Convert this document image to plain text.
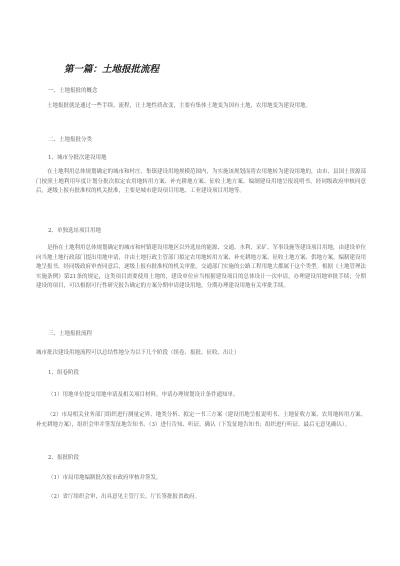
第一篇：土地报批流程
一、土地报批的概念
土地报批就是通过一些手续、流程，让土地性质改变，主要有集体土地变为国有土地，农用地变为建设用地。
二、土地报批分类
1、城市分批次建设用地
在土地利用总体规划确定的城市和村庄、集镇建设用地规模范围内，为实施该规划而将农用地转为建设用地的，由市、县国土资源部门按照土地利用年度计划分批次拟定农用地转用方案、补充耕地方案、征收土地方案、编制建设用地呈报说明书，经同级政府审核同意后，逐级上报有批准权的机关批准，主要是城市建设项目用地、工业建设项目用地等。
2、单独选址项目用地
是指在土地利用总体规划确定的城市和村镇建设用地区以外选址的能源、交通、水利、采矿、军事设施等建设项目用地，由建设单位向当地土地行政部门提出用地申请，并由土地行政主管部门拟定农用地转用方案、补充耕地方案、征收土地方案、供地方案，编制建设用地呈报书，经同级政府审查同意后，逐级上报有批准权的机关审批。交通部门实施的公路工程用地大都属于这个类型。根据《土地管理法实施条例》第21条的规定，这类项目需要使用土地的，建设单位应当根据建设项目的总体设计一次申请，办理建设用地审批手续；分期建设的项目，可以根据可行性研究报告确定的方案分期申请建设用地，分期办理建设用地有关审批手续。
三、土地报批流程
城市批次建设用地流程可以总结性地分为以下几个阶段（组卷、报批、征收、出让）
1、组卷阶段
（1）用地单位提交用地申请及相关项目材料，申请办理规划设计条件通知单。
（2）市局相关业务部门组织进行测量定界、地类分析、拟定一书三方案（建设用地呈报说明书、土地征收方案、农用地转用方案、补充耕地方案），组织会审并签发征地告知书、（3）进行告知、听证、确认（下发征地告知书；组织进行听证、最后无意见确认）。
2、报批阶段
（1）市局用地编制批次报市政府审核并签发。
（2）省厅组织会审，出具意见主管厅长、厅长签批报省政府。
